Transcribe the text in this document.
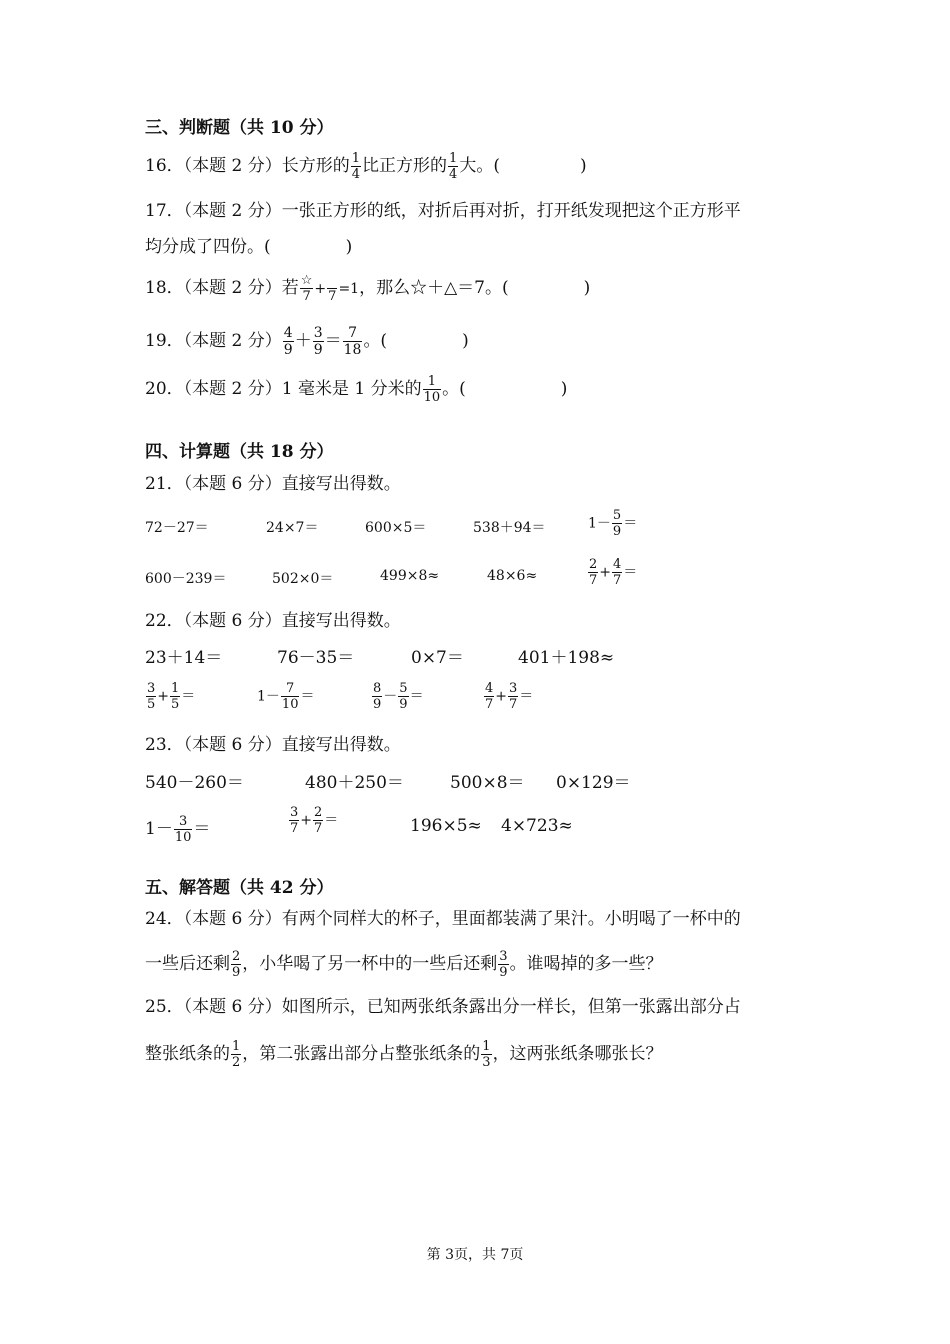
三、判断题（共 10 分）
16．（本题 2 分）长方形的 $\frac{1}{4}$ 比正方形的 $\frac{1}{4}$ 大。(	)
17．（本题 2 分）一张正方形的纸，对折后再对折，打开纸发现把这个正方形平
均分成了四份。(	)
18．（本题 2 分）若 $\frac{☆}{7} + 7 =1$，那么☆＋△＝7。(	)
19．（本题 2 分） $\frac{4}{9} + \frac{3}{9} = \frac{7}{18}$ 。(	)
20．（本题 2 分）1 毫米是 1 分米的 $\frac{1}{10}$ 。(	)
四、计算题（共 18 分）
21．（本题 6 分）直接写出得数。
72－27＝	24×7＝	600×5＝	538＋94＝	$1- \frac{5}{9}$ ＝
600－239＝	502×0＝	499×8≈	48×6≈	$\frac{2}{7} + \frac{4}{7}$ ＝
22．（本题 6 分）直接写出得数。
23＋14＝	76－35＝	0×7＝	401＋198≈
$\frac{3}{5} + \frac{1}{5}$ ＝	$1- \frac{7}{10}$ ＝	$\frac{8}{9} - \frac{5}{9}$ ＝	$\frac{4}{7} + \frac{3}{7}$ ＝
23．（本题 6 分）直接写出得数。
540－260＝	480＋250＝	500×8＝ 0×129＝
$1- \frac{3}{10}$ ＝	$\frac{3}{7} + \frac{2}{7}$ ＝	196×5≈ 4×723≈
五、解答题（共 42 分）
24．（本题 6 分）有两个同样大的杯子，里面都装满了果汁。小明喝了一杯中的
一些后还剩 $\frac{2}{9}$ ，小华喝了另一杯中的一些后还剩 $\frac{3}{9}$ 。谁喝掉的多一些？
25．（本题 6 分）如图所示，已知两张纸条露出分一样长，但第一张露出部分占
整张纸条的 $\frac{1}{2}$ ，第二张露出部分占整张纸条的 $\frac{1}{3}$ ，这两张纸条哪张长？
第 3页，共 7页
